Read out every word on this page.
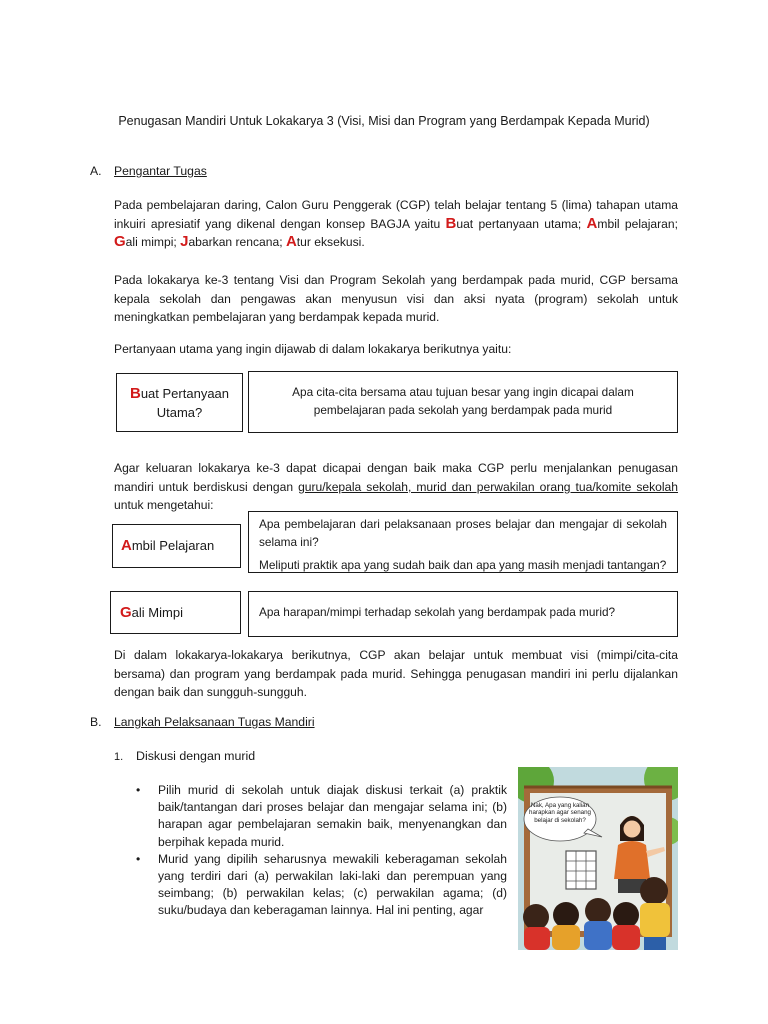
Penugasan Mandiri Untuk Lokakarya 3 (Visi, Misi dan Program yang Berdampak Kepada Murid)
A. Pengantar Tugas

Pada pembelajaran daring, Calon Guru Penggerak (CGP) telah belajar tentang 5 (lima) tahapan utama inkuiri apresiatif yang dikenal dengan konsep BAGJA yaitu Buat pertanyaan utama; Ambil pelajaran; Gali mimpi; Jabarkan rencana; Atur eksekusi.

Pada lokakarya ke-3 tentang Visi dan Program Sekolah yang berdampak pada murid, CGP bersama kepala sekolah dan pengawas akan menyusun visi dan aksi nyata (program) sekolah untuk meningkatkan pembelajaran yang berdampak kepada murid.

Pertanyaan utama yang ingin dijawab di dalam lokakarya berikutnya yaitu:

Buat Pertanyaan Utama?
Apa cita-cita bersama atau tujuan besar yang ingin dicapai dalam pembelajaran pada sekolah yang berdampak pada murid

Agar keluaran lokakarya ke-3 dapat dicapai dengan baik maka CGP perlu menjalankan penugasan mandiri untuk berdiskusi dengan guru/kepala sekolah, murid dan perwakilan orang tua/komite sekolah untuk mengetahui:

Ambil Pelajaran
Apa pembelajaran dari pelaksanaan proses belajar dan mengajar di sekolah selama ini?
Meliputi praktik apa yang sudah baik dan apa yang masih menjadi tantangan?
Gali Mimpi	Apa harapan/mimpi terhadap sekolah yang berdampak pada murid?

Di dalam lokakarya-lokakarya berikutnya, CGP akan belajar untuk membuat visi (mimpi/cita-cita bersama) dan program yang berdampak pada murid. Sehingga penugasan mandiri ini perlu dijalankan dengan baik dan sungguh-sungguh.

B. Langkah Pelaksanaan Tugas Mandiri
1. Diskusi dengan murid
• Pilih murid di sekolah untuk diajak diskusi terkait (a) praktik baik/tantangan dari proses belajar dan mengajar selama ini; (b) harapan agar pembelajaran semakin baik, menyenangkan dan berpihak kepada murid.
• Murid yang dipilih seharusnya mewakili keberagaman sekolah yang terdiri dari (a) perwakilan laki-laki dan perempuan yang seimbang; (b) perwakilan kelas; (c) perwakilan agama; (d) suku/budaya dan keberagaman lainnya. Hal ini penting, agar
Nak, Apa yang kalian harapkan agar senang belajar di sekolah?
